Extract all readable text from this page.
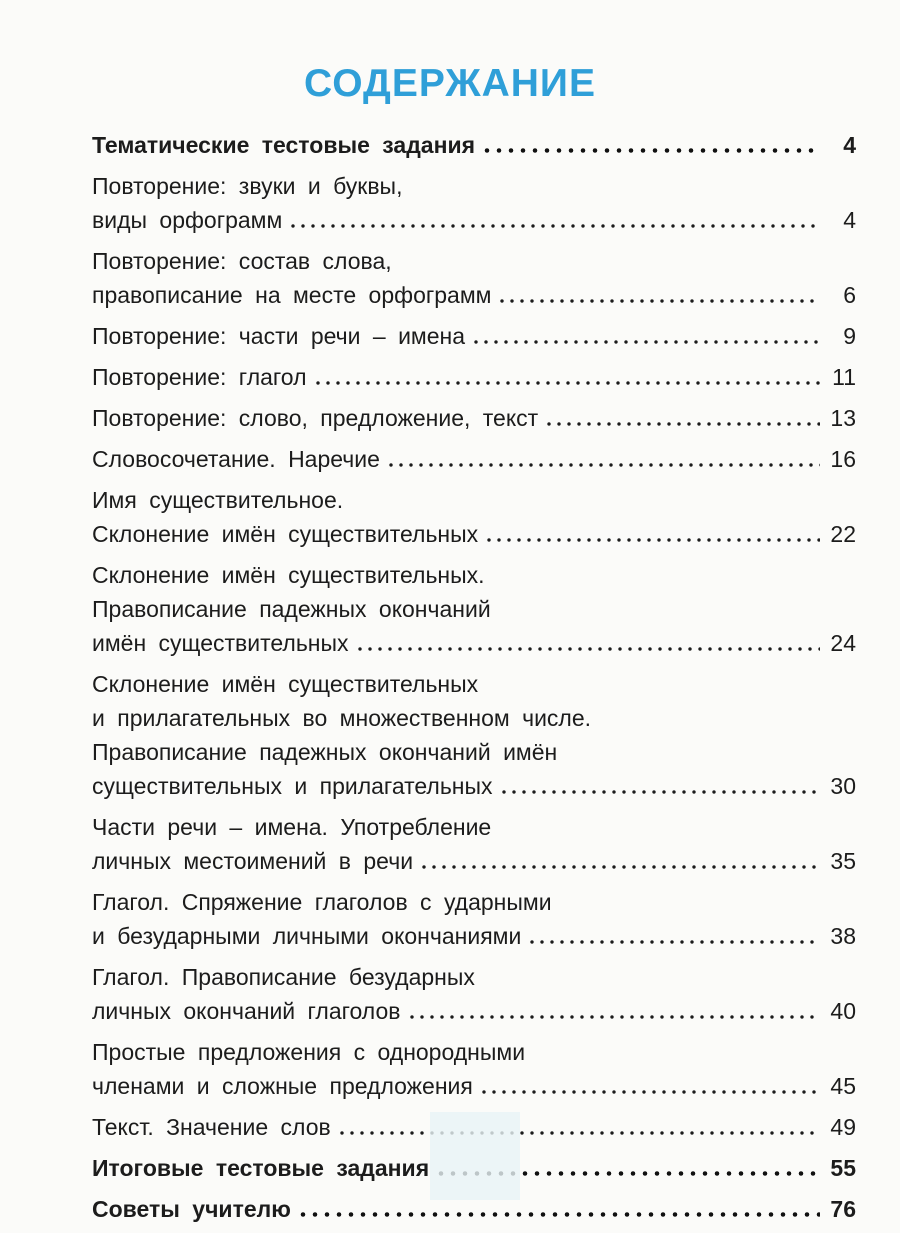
СОДЕРЖАНИЕ
Тематические тестовые задания	4
Повторение: звуки и буквы,
виды орфограмм	4
Повторение: состав слова,
правописание на месте орфограмм	6
Повторение: части речи – имена	9
Повторение: глагол	11
Повторение: слово, предложение, текст	13
Словосочетание. Наречие	16
Имя существительное.
Склонение имён существительных	22
Склонение имён существительных.
Правописание падежных окончаний
имён существительных	24
Склонение имён существительных
и прилагательных во множественном числе.
Правописание падежных окончаний имён
существительных и прилагательных	30
Части речи – имена. Употребление
личных местоимений в речи	35
Глагол. Спряжение глаголов с ударными
и безударными личными окончаниями	38
Глагол. Правописание безударных
личных окончаний глаголов	40
Простые предложения с однородными
членами и сложные предложения	45
Текст. Значение слов	49
Итоговые тестовые задания	55
Советы учителю	76
